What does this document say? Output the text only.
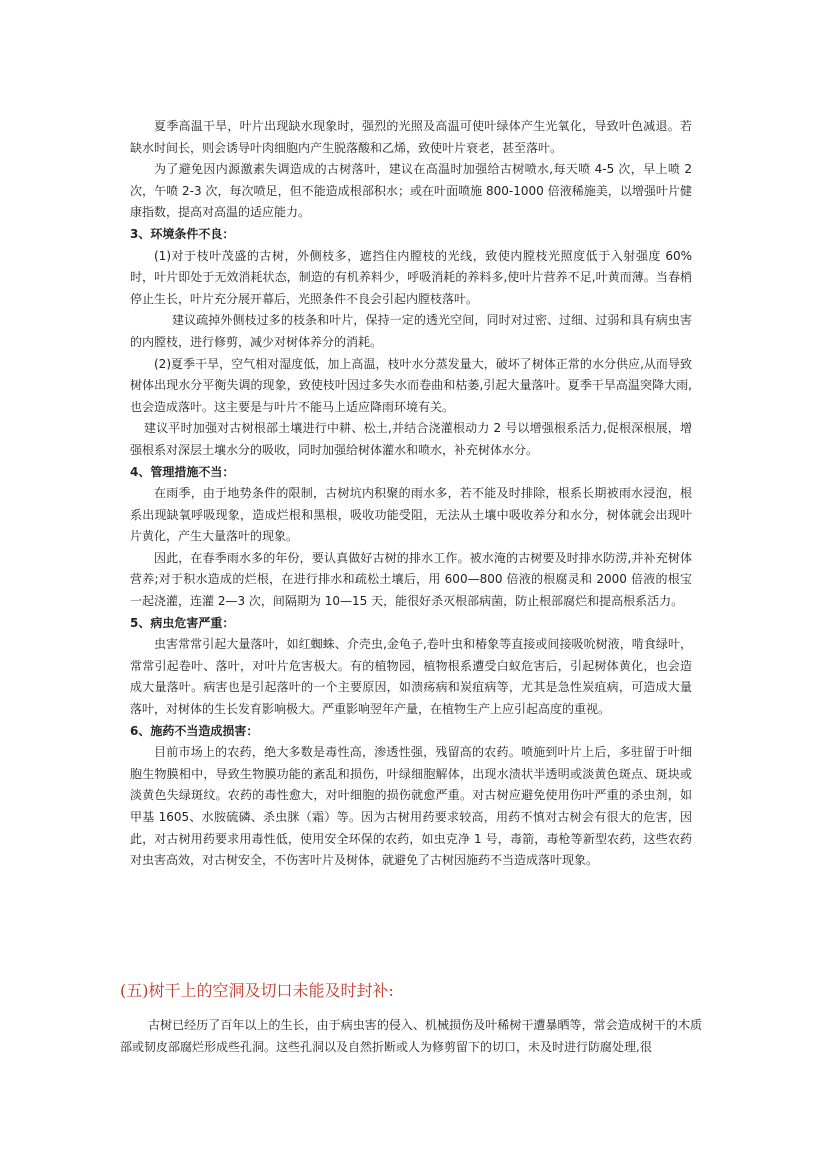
夏季高温干旱，叶片出现缺水现象时，强烈的光照及高温可使叶绿体产生光氧化，导致叶色减退。若缺水时间长，则会诱导叶肉细胞内产生脱落酸和乙烯，致使叶片衰老，甚至落叶。

为了避免因内源激素失调造成的古树落叶，建议在高温时加强给古树喷水,每天喷 4-5 次，早上喷 2 次，午喷 2-3 次，每次喷足，但不能造成根部积水；或在叶面喷施 800-1000 倍液稀施美，以增强叶片健康指数，提高对高温的适应能力。

3、环境条件不良：

(1)对于枝叶茂盛的古树，外侧枝多，遮挡住内膛枝的光线，致使内膛枝光照度低于入射强度 60%时，叶片即处于无效消耗状态，制造的有机养料少，呼吸消耗的养料多,使叶片营养不足,叶黄而薄。当春梢停止生长，叶片充分展开幕后，光照条件不良会引起内膛枝落叶。

建议疏掉外侧枝过多的枝条和叶片，保持一定的透光空间，同时对过密、过细、过弱和具有病虫害的内膛枝，进行修剪，减少对树体养分的消耗。

(2)夏季干旱，空气相对湿度低，加上高温，枝叶水分蒸发量大，破坏了树体正常的水分供应,从而导致树体出现水分平衡失调的现象，致使枝叶因过多失水而卷曲和枯萎,引起大量落叶。夏季干旱高温突降大雨,也会造成落叶。这主要是与叶片不能马上适应降雨环境有关。

建议平时加强对古树根部土壤进行中耕、松土,并结合浇灌根动力 2 号以增强根系活力,促根深根展，增强根系对深层土壤水分的吸收，同时加强给树体灌水和喷水，补充树体水分。

4、管理措施不当：

在雨季，由于地势条件的限制，古树坑内积聚的雨水多，若不能及时排除，根系长期被雨水浸泡，根系出现缺氧呼吸现象，造成烂根和黑根，吸收功能受阻，无法从土壤中吸收养分和水分，树体就会出现叶片黄化，产生大量落叶的现象。

因此，在春季雨水多的年份，要认真做好古树的排水工作。被水淹的古树要及时排水防涝,并补充树体营养;对于积水造成的烂根，在进行排水和疏松土壤后，用 600—800 倍液的根腐灵和 2000 倍液的根宝一起浇灌，连灌 2—3 次，间隔期为 10—15 天，能很好杀灭根部病菌，防止根部腐烂和提高根系活力。

5、病虫危害严重：

虫害常常引起大量落叶，如红蜘蛛、介壳虫,金龟子,卷叶虫和椿象等直接或间接吸吮树液，啃食绿叶，常常引起卷叶、落叶，对叶片危害极大。有的植物园，植物根系遭受白蚁危害后，引起树体黄化，也会造成大量落叶。病害也是引起落叶的一个主要原因，如溃疡病和炭疽病等，尤其是急性炭疽病，可造成大量落叶，对树体的生长发育影响极大。严重影响翌年产量，在植物生产上应引起高度的重视。

6、施药不当造成损害：

目前市场上的农药，绝大多数是毒性高，渗透性强，残留高的农药。喷施到叶片上后，多驻留于叶细胞生物膜相中，导致生物膜功能的紊乱和损伤，叶绿细胞解体，出现水渍状半透明或淡黄色斑点、斑块或淡黄色失绿斑纹。农药的毒性愈大，对叶细胞的损伤就愈严重。对古树应避免使用伤叶严重的杀虫剂，如甲基 1605、水胺硫磷、杀虫脒（霜）等。因为古树用药要求较高，用药不慎对古树会有很大的危害，因此，对古树用药要求用毒性低，使用安全环保的农药，如虫克净 1 号，毒箭，毒枪等新型农药，这些农药对虫害高效，对古树安全，不伤害叶片及树体，就避免了古树因施药不当造成落叶现象。

(五)树干上的空洞及切口未能及时封补:

古树已经历了百年以上的生长，由于病虫害的侵入、机械损伤及叶稀树干遭暴晒等，常会造成树干的木质部或韧皮部腐烂形成些孔洞。这些孔洞以及自然折断或人为修剪留下的切口，未及时进行防腐处理,很
